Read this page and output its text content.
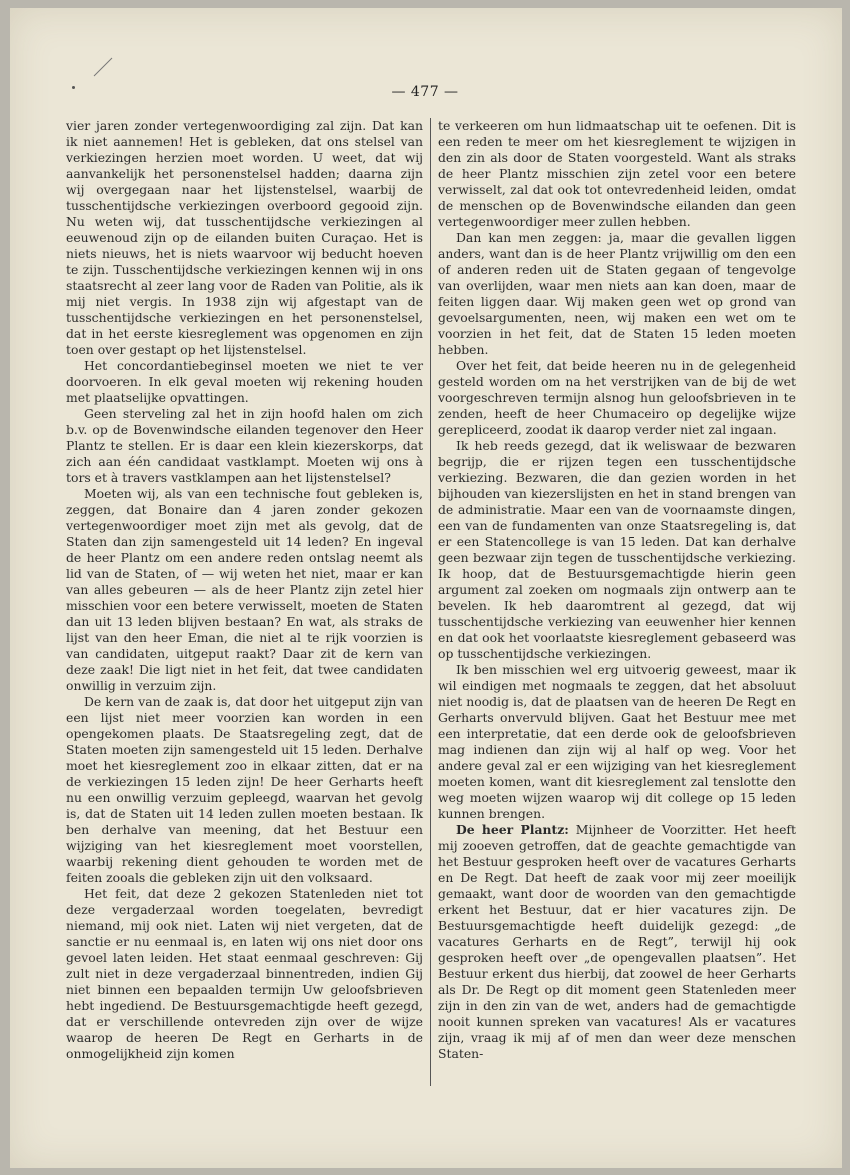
— 477 —

vier jaren zonder vertegenwoordiging zal zijn. Dat kan ik niet aannemen! Het is gebleken, dat ons stelsel van verkiezingen herzien moet worden. U weet, dat wij aanvankelijk het personenstelsel hadden; daarna zijn wij overgegaan naar het lijstenstelsel, waarbij de tusschentijdsche verkiezingen overboord gegooid zijn. Nu weten wij, dat tusschentijdsche verkiezingen al eeuwenoud zijn op de eilanden buiten Curaçao. Het is niets nieuws, het is niets waarvoor wij beducht hoeven te zijn. Tusschentijdsche verkiezingen kennen wij in ons staatsrecht al zeer lang voor de Raden van Politie, als ik mij niet vergis. In 1938 zijn wij afgestapt van de tusschentijdsche verkiezingen en het personenstelsel, dat in het eerste kiesreglement was opgenomen en zijn toen over gestapt op het lijstenstelsel.

Het concordantiebeginsel moeten we niet te ver doorvoeren. In elk geval moeten wij rekening houden met plaatselijke opvattingen.

Geen sterveling zal het in zijn hoofd halen om zich b.v. op de Bovenwindsche eilanden tegenover den Heer Plantz te stellen. Er is daar een klein kiezerskorps, dat zich aan één candidaat vastklampt. Moeten wij ons à tors et à travers vastklampen aan het lijstenstelsel?

Moeten wij, als van een technische fout gebleken is, zeggen, dat Bonaire dan 4 jaren zonder gekozen vertegenwoordiger moet zijn met als gevolg, dat de Staten dan zijn samengesteld uit 14 leden? En ingeval de heer Plantz om een andere reden ontslag neemt als lid van de Staten, of — wij weten het niet, maar er kan van alles gebeuren — als de heer Plantz zijn zetel hier misschien voor een betere verwisselt, moeten de Staten dan uit 13 leden blijven bestaan? En wat, als straks de lijst van den heer Eman, die niet al te rijk voorzien is van candidaten, uitgeput raakt? Daar zit de kern van deze zaak! Die ligt niet in het feit, dat twee candidaten onwillig in verzuim zijn.

De kern van de zaak is, dat door het uitgeput zijn van een lijst niet meer voorzien kan worden in een opengekomen plaats. De Staatsregeling zegt, dat de Staten moeten zijn samengesteld uit 15 leden. Derhalve moet het kiesreglement zoo in elkaar zitten, dat er na de verkiezingen 15 leden zijn! De heer Gerharts heeft nu een onwillig verzuim gepleegd, waarvan het gevolg is, dat de Staten uit 14 leden zullen moeten bestaan. Ik ben derhalve van meening, dat het Bestuur een wijziging van het kiesreglement moet voorstellen, waarbij rekening dient gehouden te worden met de feiten zooals die gebleken zijn uit den volksaard.

Het feit, dat deze 2 gekozen Statenleden niet tot deze vergaderzaal worden toegelaten, bevredigt niemand, mij ook niet. Laten wij niet vergeten, dat de sanctie er nu eenmaal is, en laten wij ons niet door ons gevoel laten leiden. Het staat eenmaal geschreven: Gij zult niet in deze vergaderzaal binnentreden, indien Gij niet binnen een bepaalden termijn Uw geloofsbrieven hebt ingediend. De Bestuursgemachtigde heeft gezegd, dat er verschillende ontevreden zijn over de wijze waarop de heeren De Regt en Gerharts in de onmogelijkheid zijn komen

te verkeeren om hun lidmaatschap uit te oefenen. Dit is een reden te meer om het kiesreglement te wijzigen in den zin als door de Staten voorgesteld. Want als straks de heer Plantz misschien zijn zetel voor een betere verwisselt, zal dat ook tot ontevredenheid leiden, omdat de menschen op de Bovenwindsche eilanden dan geen vertegenwoordiger meer zullen hebben.

Dan kan men zeggen: ja, maar die gevallen liggen anders, want dan is de heer Plantz vrijwillig om den een of anderen reden uit de Staten gegaan of tengevolge van overlijden, waar men niets aan kan doen, maar de feiten liggen daar. Wij maken geen wet op grond van gevoelsargumenten, neen, wij maken een wet om te voorzien in het feit, dat de Staten 15 leden moeten hebben.

Over het feit, dat beide heeren nu in de gelegenheid gesteld worden om na het verstrijken van de bij de wet voorgeschreven termijn alsnog hun geloofsbrieven in te zenden, heeft de heer Chumaceiro op degelijke wijze gerepliceerd, zoodat ik daarop verder niet zal ingaan.

Ik heb reeds gezegd, dat ik weliswaar de bezwaren begrijp, die er rijzen tegen een tusschentijdsche verkiezing. Bezwaren, die dan gezien worden in het bijhouden van kiezerslijsten en het in stand brengen van de administratie. Maar een van de voornaamste dingen, een van de fundamenten van onze Staatsregeling is, dat er een Statencollege is van 15 leden. Dat kan derhalve geen bezwaar zijn tegen de tusschentijdsche verkiezing. Ik hoop, dat de Bestuursgemachtigde hierin geen argument zal zoeken om nogmaals zijn ontwerp aan te bevelen. Ik heb daaromtrent al gezegd, dat wij tusschentijdsche verkiezing van eeuwenher hier kennen en dat ook het voorlaatste kiesreglement gebaseerd was op tusschentijdsche verkiezingen.

Ik ben misschien wel erg uitvoerig geweest, maar ik wil eindigen met nogmaals te zeggen, dat het absoluut niet noodig is, dat de plaatsen van de heeren De Regt en Gerharts onvervuld blijven. Gaat het Bestuur mee met een interpretatie, dat een derde ook de geloofsbrieven mag indienen dan zijn wij al half op weg. Voor het andere geval zal er een wijziging van het kiesreglement moeten komen, want dit kiesreglement zal tenslotte den weg moeten wijzen waarop wij dit college op 15 leden kunnen brengen.

De heer Plantz: Mijnheer de Voorzitter. Het heeft mij zooeven getroffen, dat de geachte gemachtigde van het Bestuur gesproken heeft over de vacatures Gerharts en De Regt. Dat heeft de zaak voor mij zeer moeilijk gemaakt, want door de woorden van den gemachtigde erkent het Bestuur, dat er hier vacatures zijn. De Bestuursgemachtigde heeft duidelijk gezegd: „de vacatures Gerharts en de Regt”, terwijl hij ook gesproken heeft over „de opengevallen plaatsen”. Het Bestuur erkent dus hierbij, dat zoowel de heer Gerharts als Dr. De Regt op dit moment geen Statenleden meer zijn in den zin van de wet, anders had de gemachtigde nooit kunnen spreken van vacatures! Als er vacatures zijn, vraag ik mij af of men dan weer deze menschen Staten-
